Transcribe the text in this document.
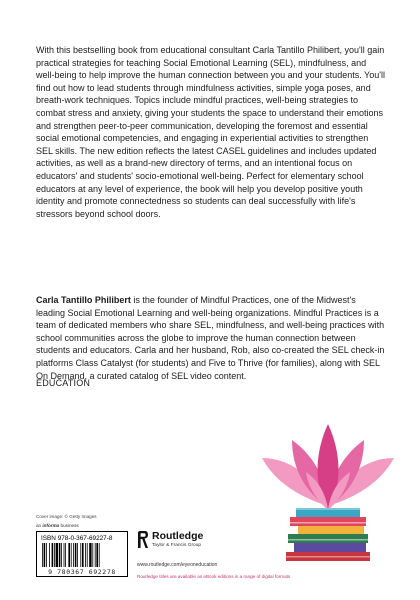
With this bestselling book from educational consultant Carla Tantillo Philibert, you'll gain practical strategies for teaching Social Emotional Learning (SEL), mindfulness, and well-being to help improve the human connection between you and your students. You'll find out how to lead students through mindfulness activities, simple yoga poses, and breath-work techniques. Topics include mindful practices, well-being strategies to combat stress and anxiety, giving your students the space to understand their emotions and strengthen peer-to-peer communication, developing the foremost and essential social emotional competencies, and engaging in experiential activities to strengthen SEL skills. The new edition reflects the latest CASEL guidelines and includes updated activities, as well as a brand-new directory of terms, and an intentional focus on educators' and students' socio-emotional well-being. Perfect for elementary school educators at any level of experience, the book will help you develop positive youth identity and promote connectedness so students can deal successfully with life's stressors beyond school doors.

Carla Tantillo Philibert is the founder of Mindful Practices, one of the Midwest's leading Social Emotional Learning and well-being organizations. Mindful Practices is a team of dedicated members who share SEL, mindfulness, and well-being practices with school communities across the globe to improve the human connection between students and educators. Carla and her husband, Rob, also co-created the SEL check-in platforms Class Catalyst (for students) and Five to Thrive (for families), along with SEL On Demand, a curated catalog of SEL video content.

EDUCATION

Cover image: © Getty Images
an informa business
ISBN 978-0-367-69227-8
9 780367 692278
Routledge
Taylor & Francis Group
www.routledge.com/eyeoneducation
Routledge titles are available as eBook editions in a range of digital formats
